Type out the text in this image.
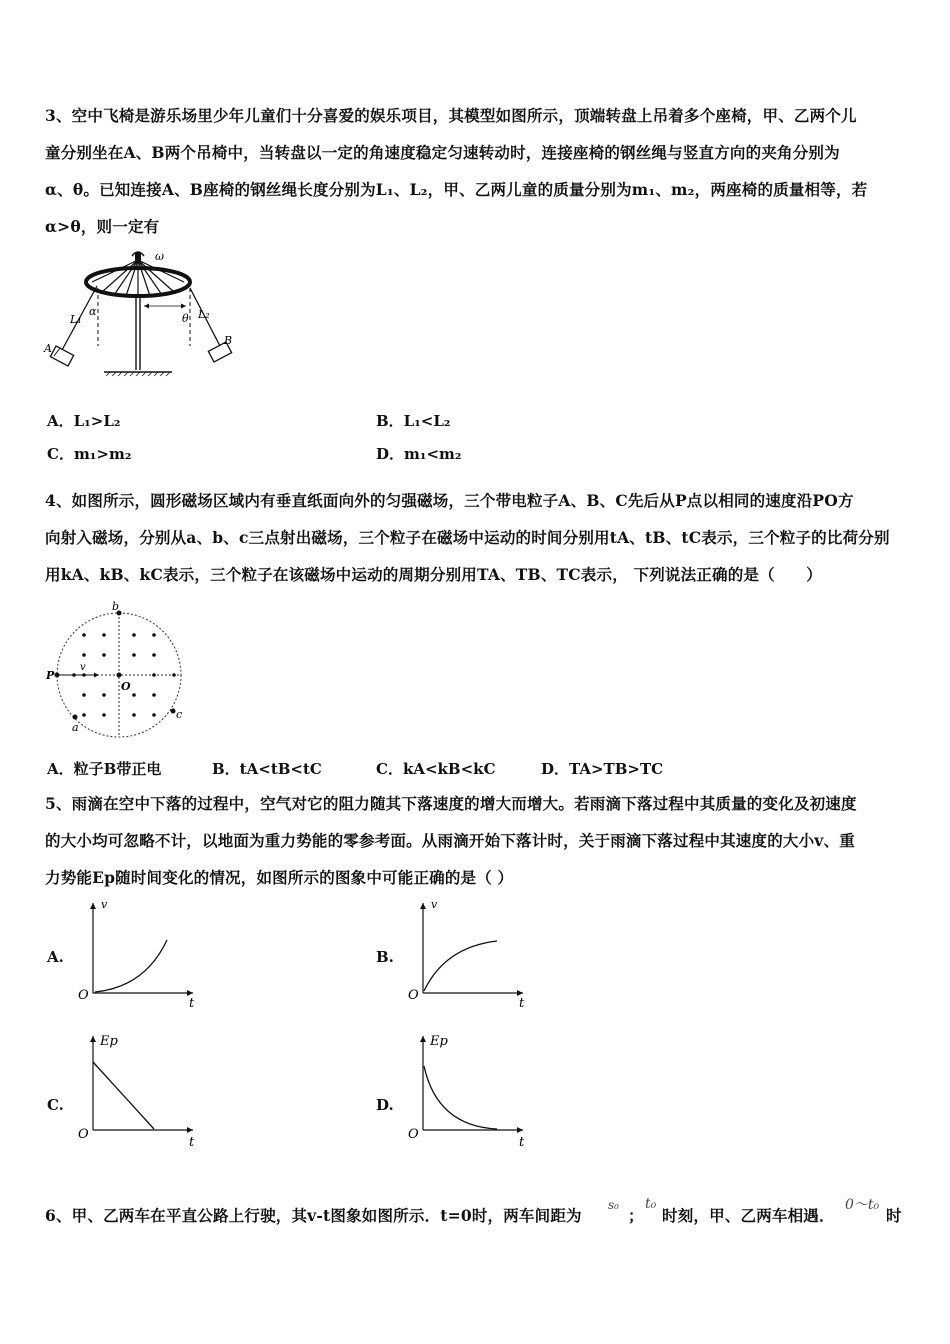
3、空中飞椅是游乐场里少年儿童们十分喜爱的娱乐项目，其模型如图所示，顶端转盘上吊着多个座椅，甲、乙两个儿
童分别坐在A、B两个吊椅中，当转盘以一定的角速度稳定匀速转动时，连接座椅的钢丝绳与竖直方向的夹角分别为
α、θ。已知连接A、B座椅的钢丝绳长度分别为L₁、L₂，甲、乙两儿童的质量分别为m₁、m₂，两座椅的质量相等，若
α>θ，则一定有
ω
L₁	L₂
α
θ
A
B
A．L₁>L₂	B．L₁<L₂
C．m₁>m₂	D．m₁<m₂
4、如图所示，圆形磁场区域内有垂直纸面向外的匀强磁场，三个带电粒子A、B、C先后从P点以相同的速度沿PO方
向射入磁场，分别从a、b、c三点射出磁场，三个粒子在磁场中运动的时间分别用tA、tB、tC表示，三个粒子的比荷分别
用kA、kB、kC表示，三个粒子在该磁场中运动的周期分别用TA、TB、TC表示， 下列说法正确的是（　　）
P
O
b
a
c
v
A．粒子B带正电	B．tA<tB<tC	C．kA<kB<kC	D．TA>TB>TC
5、雨滴在空中下落的过程中，空气对它的阻力随其下落速度的增大而增大。若雨滴下落过程中其质量的变化及初速度
的大小均可忽略不计，以地面为重力势能的零参考面。从雨滴开始下落计时，关于雨滴下落过程中其速度的大小v、重
力势能Ep随时间变化的情况，如图所示的图象中可能正确的是（ ）
A.	B.
C.	D.
v
t
O
v
t
O
Ep
t
O
Ep
t
O
6、甲、乙两车在平直公路上行驶，其v-t图象如图所示．t=0时，两车间距为
s₀
；
t₀
时刻，甲、乙两车相遇．
0～t₀
时
